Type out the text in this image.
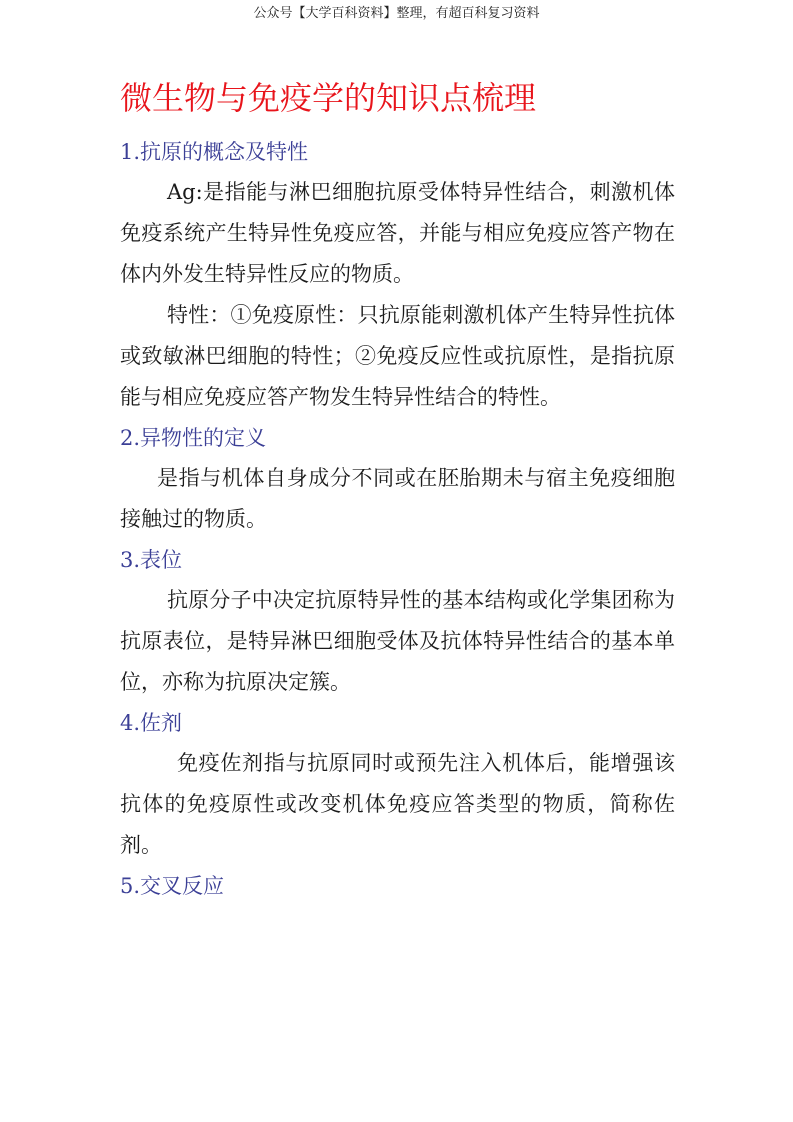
公众号【大学百科资料】整理，有超百科复习资料
微生物与免疫学的知识点梳理
1.抗原的概念及特性

Ag:是指能与淋巴细胞抗原受体特异性结合，刺激机体免疫系统产生特异性免疫应答，并能与相应免疫应答产物在体内外发生特异性反应的物质。

特性：①免疫原性：只抗原能刺激机体产生特异性抗体或致敏淋巴细胞的特性；②免疫反应性或抗原性，是指抗原能与相应免疫应答产物发生特异性结合的特性。

2.异物性的定义

是指与机体自身成分不同或在胚胎期未与宿主免疫细胞接触过的物质。

3.表位

抗原分子中决定抗原特异性的基本结构或化学集团称为抗原表位，是特异淋巴细胞受体及抗体特异性结合的基本单位，亦称为抗原决定簇。

4.佐剂

免疫佐剂指与抗原同时或预先注入机体后，能增强该抗体的免疫原性或改变机体免疫应答类型的物质，简称佐剂。

5.交叉反应
